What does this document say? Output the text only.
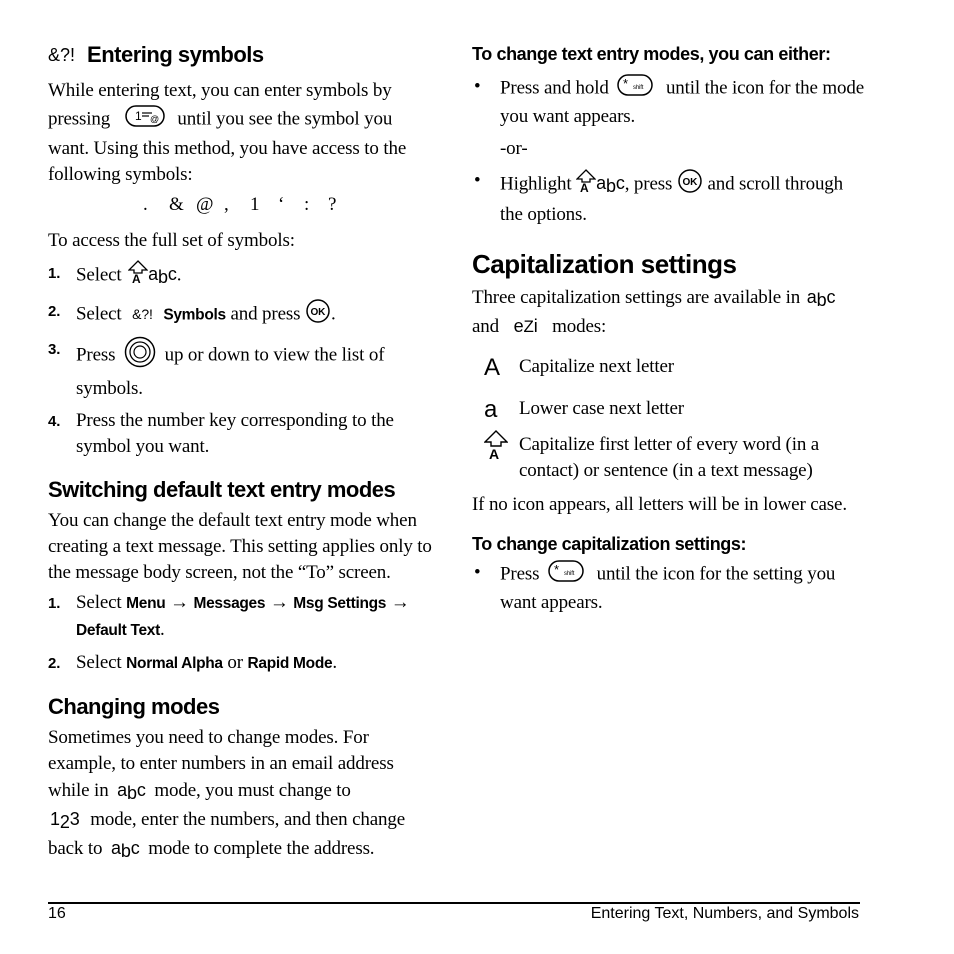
&?! Entering symbols

While entering text, you can enter symbols by pressing 1 @ until you see the symbol you want. Using this method, you have access to the following symbols:

. & @ , 1 ‘ : ?

To access the full set of symbols:

1. Select A $a_bc$.
2. Select &?! Symbols and press OK .
3. Press	up or down to view the list of symbols.
4. Press the number key corresponding to the symbol you want.
Switching default text entry modes

You can change the default text entry mode when creating a text message. This setting applies only to the message body screen, not the “To” screen.

1. Select Menu → Messages → Msg Settings → Default Text.
2. Select Normal Alpha or Rapid Mode.
Changing modes

Sometimes you need to change modes. For example, to enter numbers in an email address while in $a_bc$ mode, you must change to
$1_23$ mode, enter the numbers, and then change back to $a_bc$ mode to complete the address.

To change text entry modes, you can either:
• Press and hold * shift until the icon for the mode you want appears.

-or-

• Highlight A $a_bc$, press OK and scroll through the options.
Capitalization settings

Three capitalization settings are available in $a_bc$
and eZi modes:

A Capitalize next letter
a Lower case next letter
A Capitalize first letter of every word (in a contact) or sentence (in a text message)

If no icon appears, all letters will be in lower case.

To change capitalization settings:
• Press * shift until the icon for the setting you want appears.
16	Entering Text, Numbers, and Symbols
